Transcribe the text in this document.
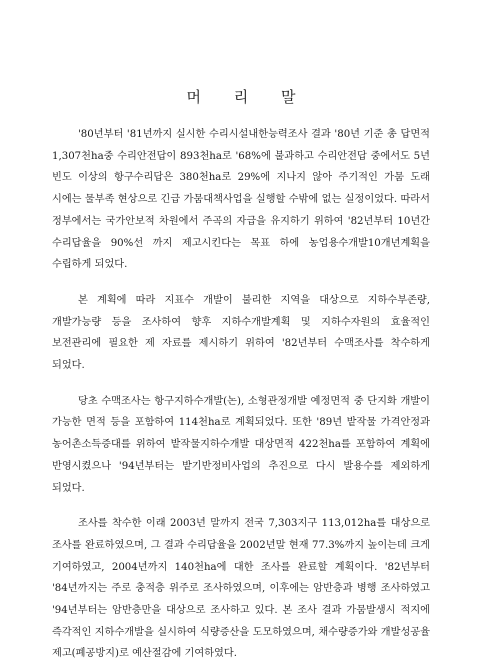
머 리 말

'80년부터 '81년까지 실시한 수리시설내한능력조사 결과 '80년 기준 총 답면적 1,307천ha중 수리안전답이 893천ha로 '68%에 불과하고 수리안전답 중에서도 5년 빈도 이상의 항구수리답은 380천ha로 29%에 지나지 않아 주기적인 가뭄 도래 시에는 물부족 현상으로 긴급 가뭄대책사업을 실행할 수밖에 없는 실정이었다. 따라서 정부에서는 국가안보적 차원에서 주곡의 자급을 유지하기 위하여 '82년부터 10년간 수리답율을 90%선 까지 제고시킨다는 목표 하에 농업용수개발10개년계획을 수립하게 되었다.

본 계획에 따라 지표수 개발이 불리한 지역을 대상으로 지하수부존량, 개발가능량 등을 조사하여 향후 지하수개발계획 및 지하수자원의 효율적인 보전관리에 필요한 제 자료를 제시하기 위하여 '82년부터 수맥조사를 착수하게 되었다.

당초 수맥조사는 항구지하수개발(논), 소형관정개발 예정면적 중 단지화 개발이 가능한 면적 등을 포함하여 114천ha로 계획되었다. 또한 '89년 밭작물 가격안정과 농어촌소득증대를 위하여 밭작물지하수개발 대상면적 422천ha를 포함하여 계획에 반영시켰으나 '94년부터는 밭기반정비사업의 추진으로 다시 발용수를 제외하게 되었다.

조사를 착수한 이래 2003년 말까지 전국 7,303지구 113,012ha를 대상으로 조사를 완료하였으며, 그 결과 수리답율을 2002년말 현재 77.3%까지 높이는데 크게 기여하였고, 2004년까지 140천ha에 대한 조사를 완료할 계획이다. '82년부터 '84년까지는 주로 충적층 위주로 조사하였으며, 이후에는 암반층과 병행 조사하였고 '94년부터는 암반층만을 대상으로 조사하고 있다. 본 조사 결과 가뭄발생시 적지에 즉각적인 지하수개발을 실시하여 식량증산을 도모하였으며, 채수량증가와 개발성공율 제고(폐공방지)로 예산절감에 기여하였다.
